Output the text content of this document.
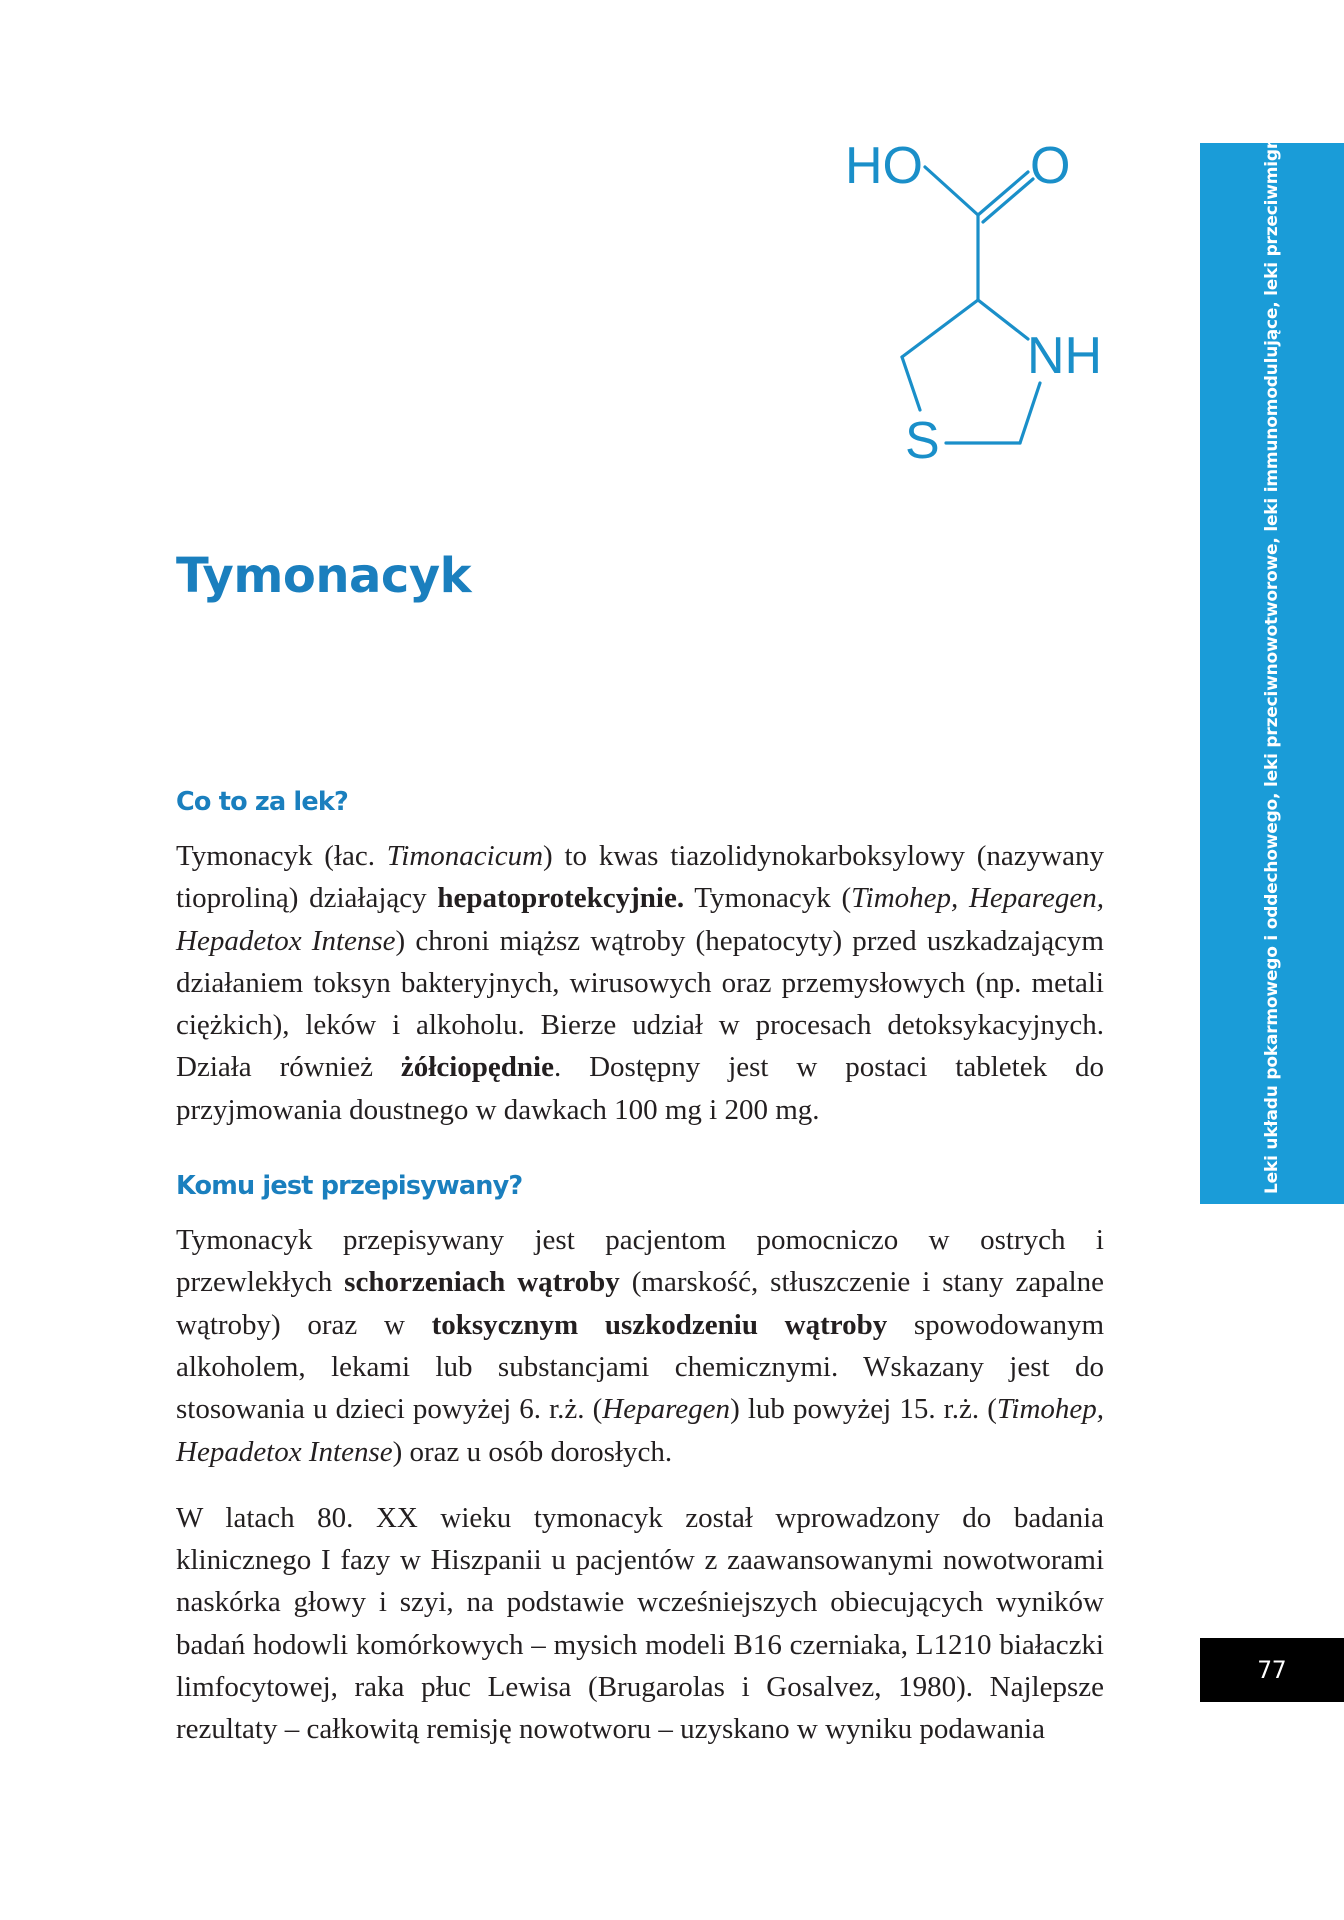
HO O
NH
S
Tymonacyk
Co to za lek?

Tymonacyk (łac. Timonacicum) to kwas tiazolidynokarboksylowy (nazywany tioproliną) działający hepatoprotekcyjnie. Tymonacyk (Timohep, Heparegen, Hepadetox Intense) chroni miąższ wątroby (hepatocyty) przed uszkadzającym działaniem toksyn bakteryjnych, wirusowych oraz przemysłowych (np. metali ciężkich), leków i alkoholu. Bierze udział w procesach detoksykacyjnych. Działa również żółciopędnie. Dostępny jest w postaci tabletek do przyjmowania doustnego w dawkach 100 mg i 200 mg.

Komu jest przepisywany?

Tymonacyk przepisywany jest pacjentom pomocniczo w ostrych i przewlekłych schorzeniach wątroby (marskość, stłuszczenie i stany zapalne wątroby) oraz w toksycznym uszkodzeniu wątroby spowodowanym alkoholem, lekami lub substancjami chemicznymi. Wskazany jest do stosowania u dzieci powyżej 6. r.ż. (Heparegen) lub powyżej 15. r.ż. (Timohep, Hepadetox Intense) oraz u osób dorosłych.

W latach 80. XX wieku tymonacyk został wprowadzony do badania klinicznego I fazy w Hiszpanii u pacjentów z zaawansowanymi nowotworami naskórka głowy i szyi, na podstawie wcześniejszych obiecujących wyników badań hodowli komórkowych – mysich modeli B16 czerniaka, L1210 białaczki limfocytowej, raka płuc Lewisa (Brugarolas i Gosalvez, 1980). Najlepsze rezultaty – całkowitą remisję nowotworu – uzyskano w wyniku podawania

Leki układu pokarmowego i oddechowego, leki przeciwnowotworowe, leki immunomodulujące, leki przeciwmigrenowe
77
